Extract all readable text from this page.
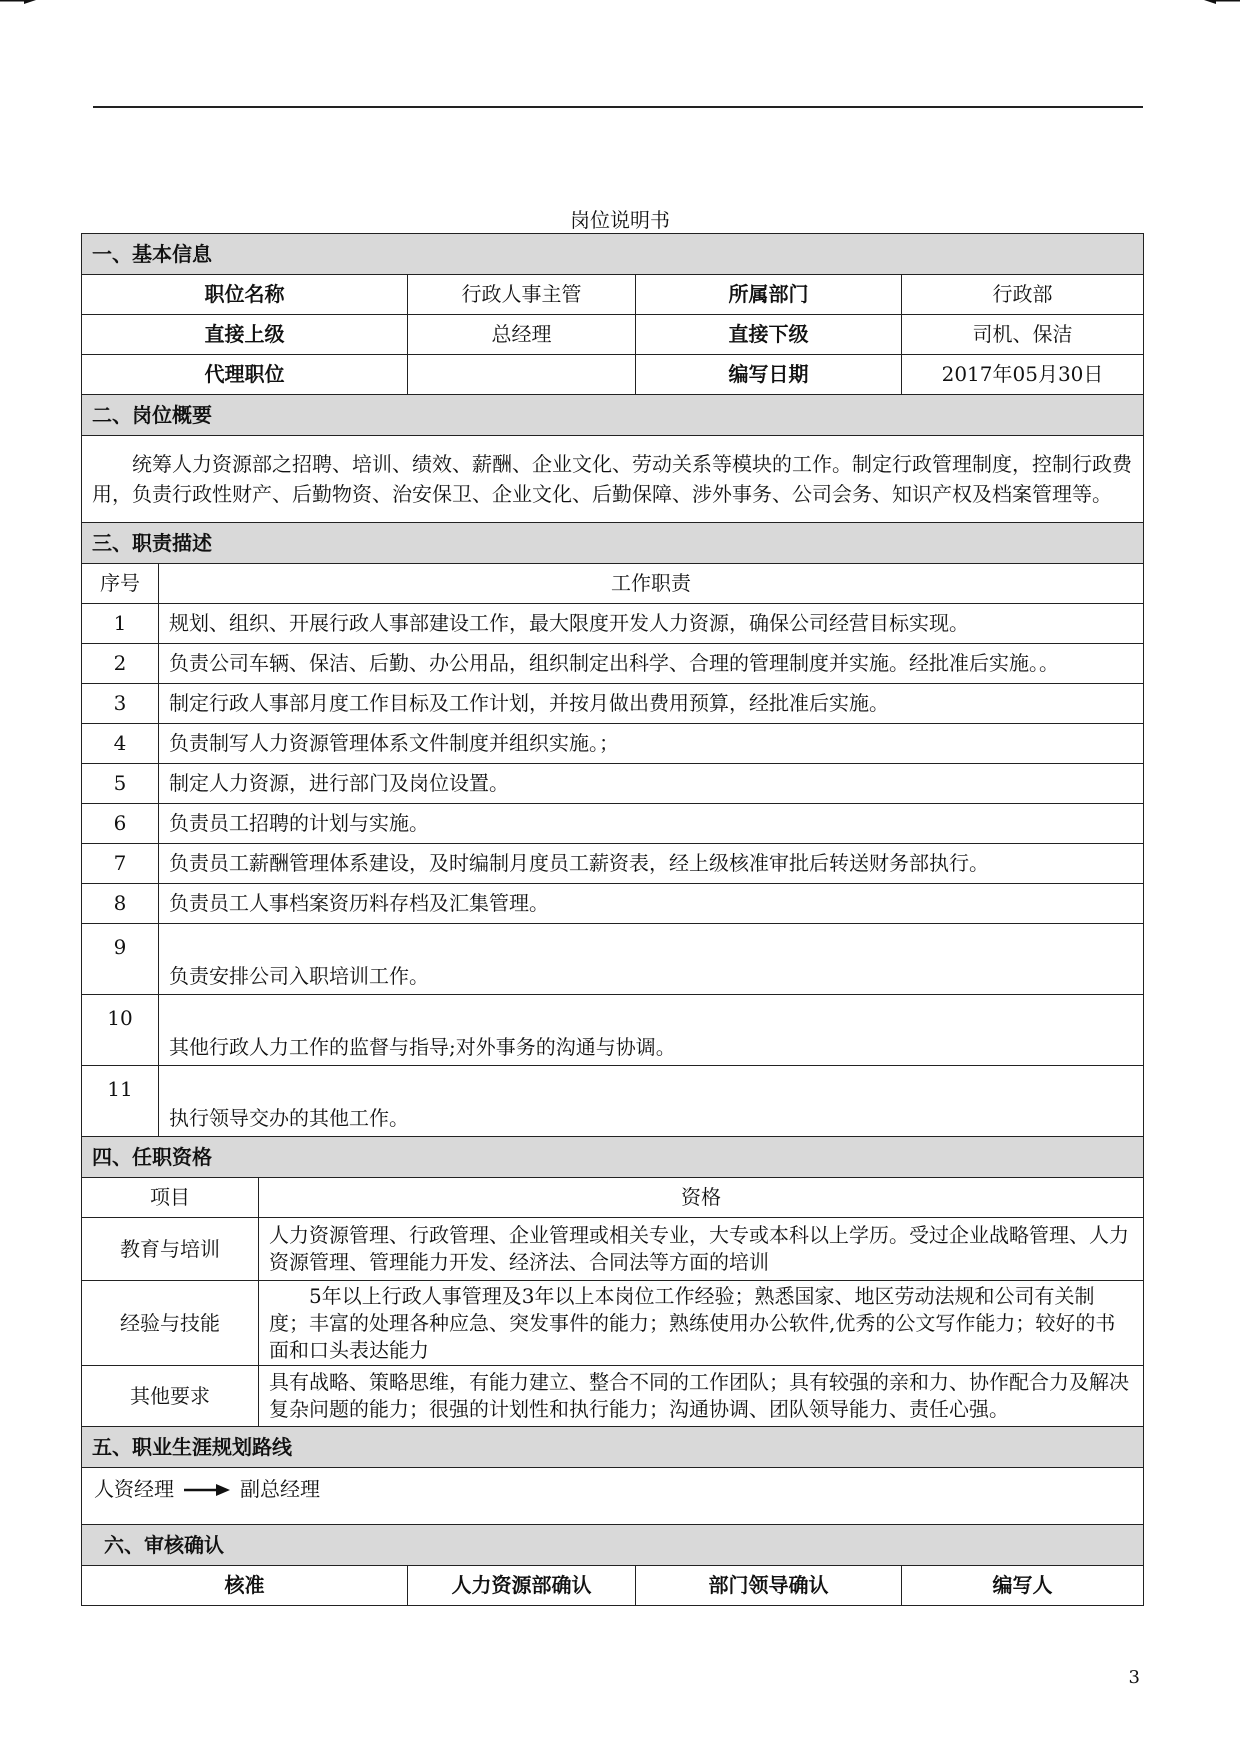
岗位说明书
一、基本信息					
职位名称			行政人事主管	所属部门	行政部
直接上级			总经理	直接下级	司机、保洁
代理职位				编写日期	2017年05月30日
二、岗位概要					
统筹人力资源部之招聘、培训、绩效、薪酬、企业文化、劳动关系等模块的工作。制定行政管理制度，控制行政费用，负责行政性财产、后勤物资、治安保卫、企业文化、后勤保障、涉外事务、公司会务、知识产权及档案管理等。					
三、职责描述					
序号	工作职责				
1	规划、组织、开展行政人事部建设工作，最大限度开发人力资源，确保公司经营目标实现。				
2	负责公司车辆、保洁、后勤、办公用品，组织制定出科学、合理的管理制度并实施。经批准后实施。。				
3	制定行政人事部月度工作目标及工作计划，并按月做出费用预算，经批准后实施。				
4	负责制写人力资源管理体系文件制度并组织实施。；				
5	制定人力资源，进行部门及岗位设置。				
6	负责员工招聘的计划与实施。				
7	负责员工薪酬管理体系建设，及时编制月度员工薪资表，经上级核准审批后转送财务部执行。				
8	负责员工人事档案资历料存档及汇集管理。				
9	负责安排公司入职培训工作。				
10	其他行政人力工作的监督与指导;对外事务的沟通与协调。				
11	执行领导交办的其他工作。				
四、任职资格					
项目		资格			
教育与培训		人力资源管理、行政管理、企业管理或相关专业，大专或本科以上学历。受过企业战略管理、人力资源管理、管理能力开发、经济法、合同法等方面的培训			
经验与技能		5年以上行政人事管理及3年以上本岗位工作经验；熟悉国家、地区劳动法规和公司有关制度；丰富的处理各种应急、突发事件的能力；熟练使用办公软件,优秀的公文写作能力；较好的书面和口头表达能力			
其他要求		具有战略、策略思维，有能力建立、整合不同的工作团队；具有较强的亲和力、协作配合力及解决复杂问题的能力；很强的计划性和执行能力；沟通协调、团队领导能力、责任心强。			
五、职业生涯规划路线					

人资经理 副总经理					

六、审核确认					
核准			人力资源部确认	部门领导确认	编写人
3
